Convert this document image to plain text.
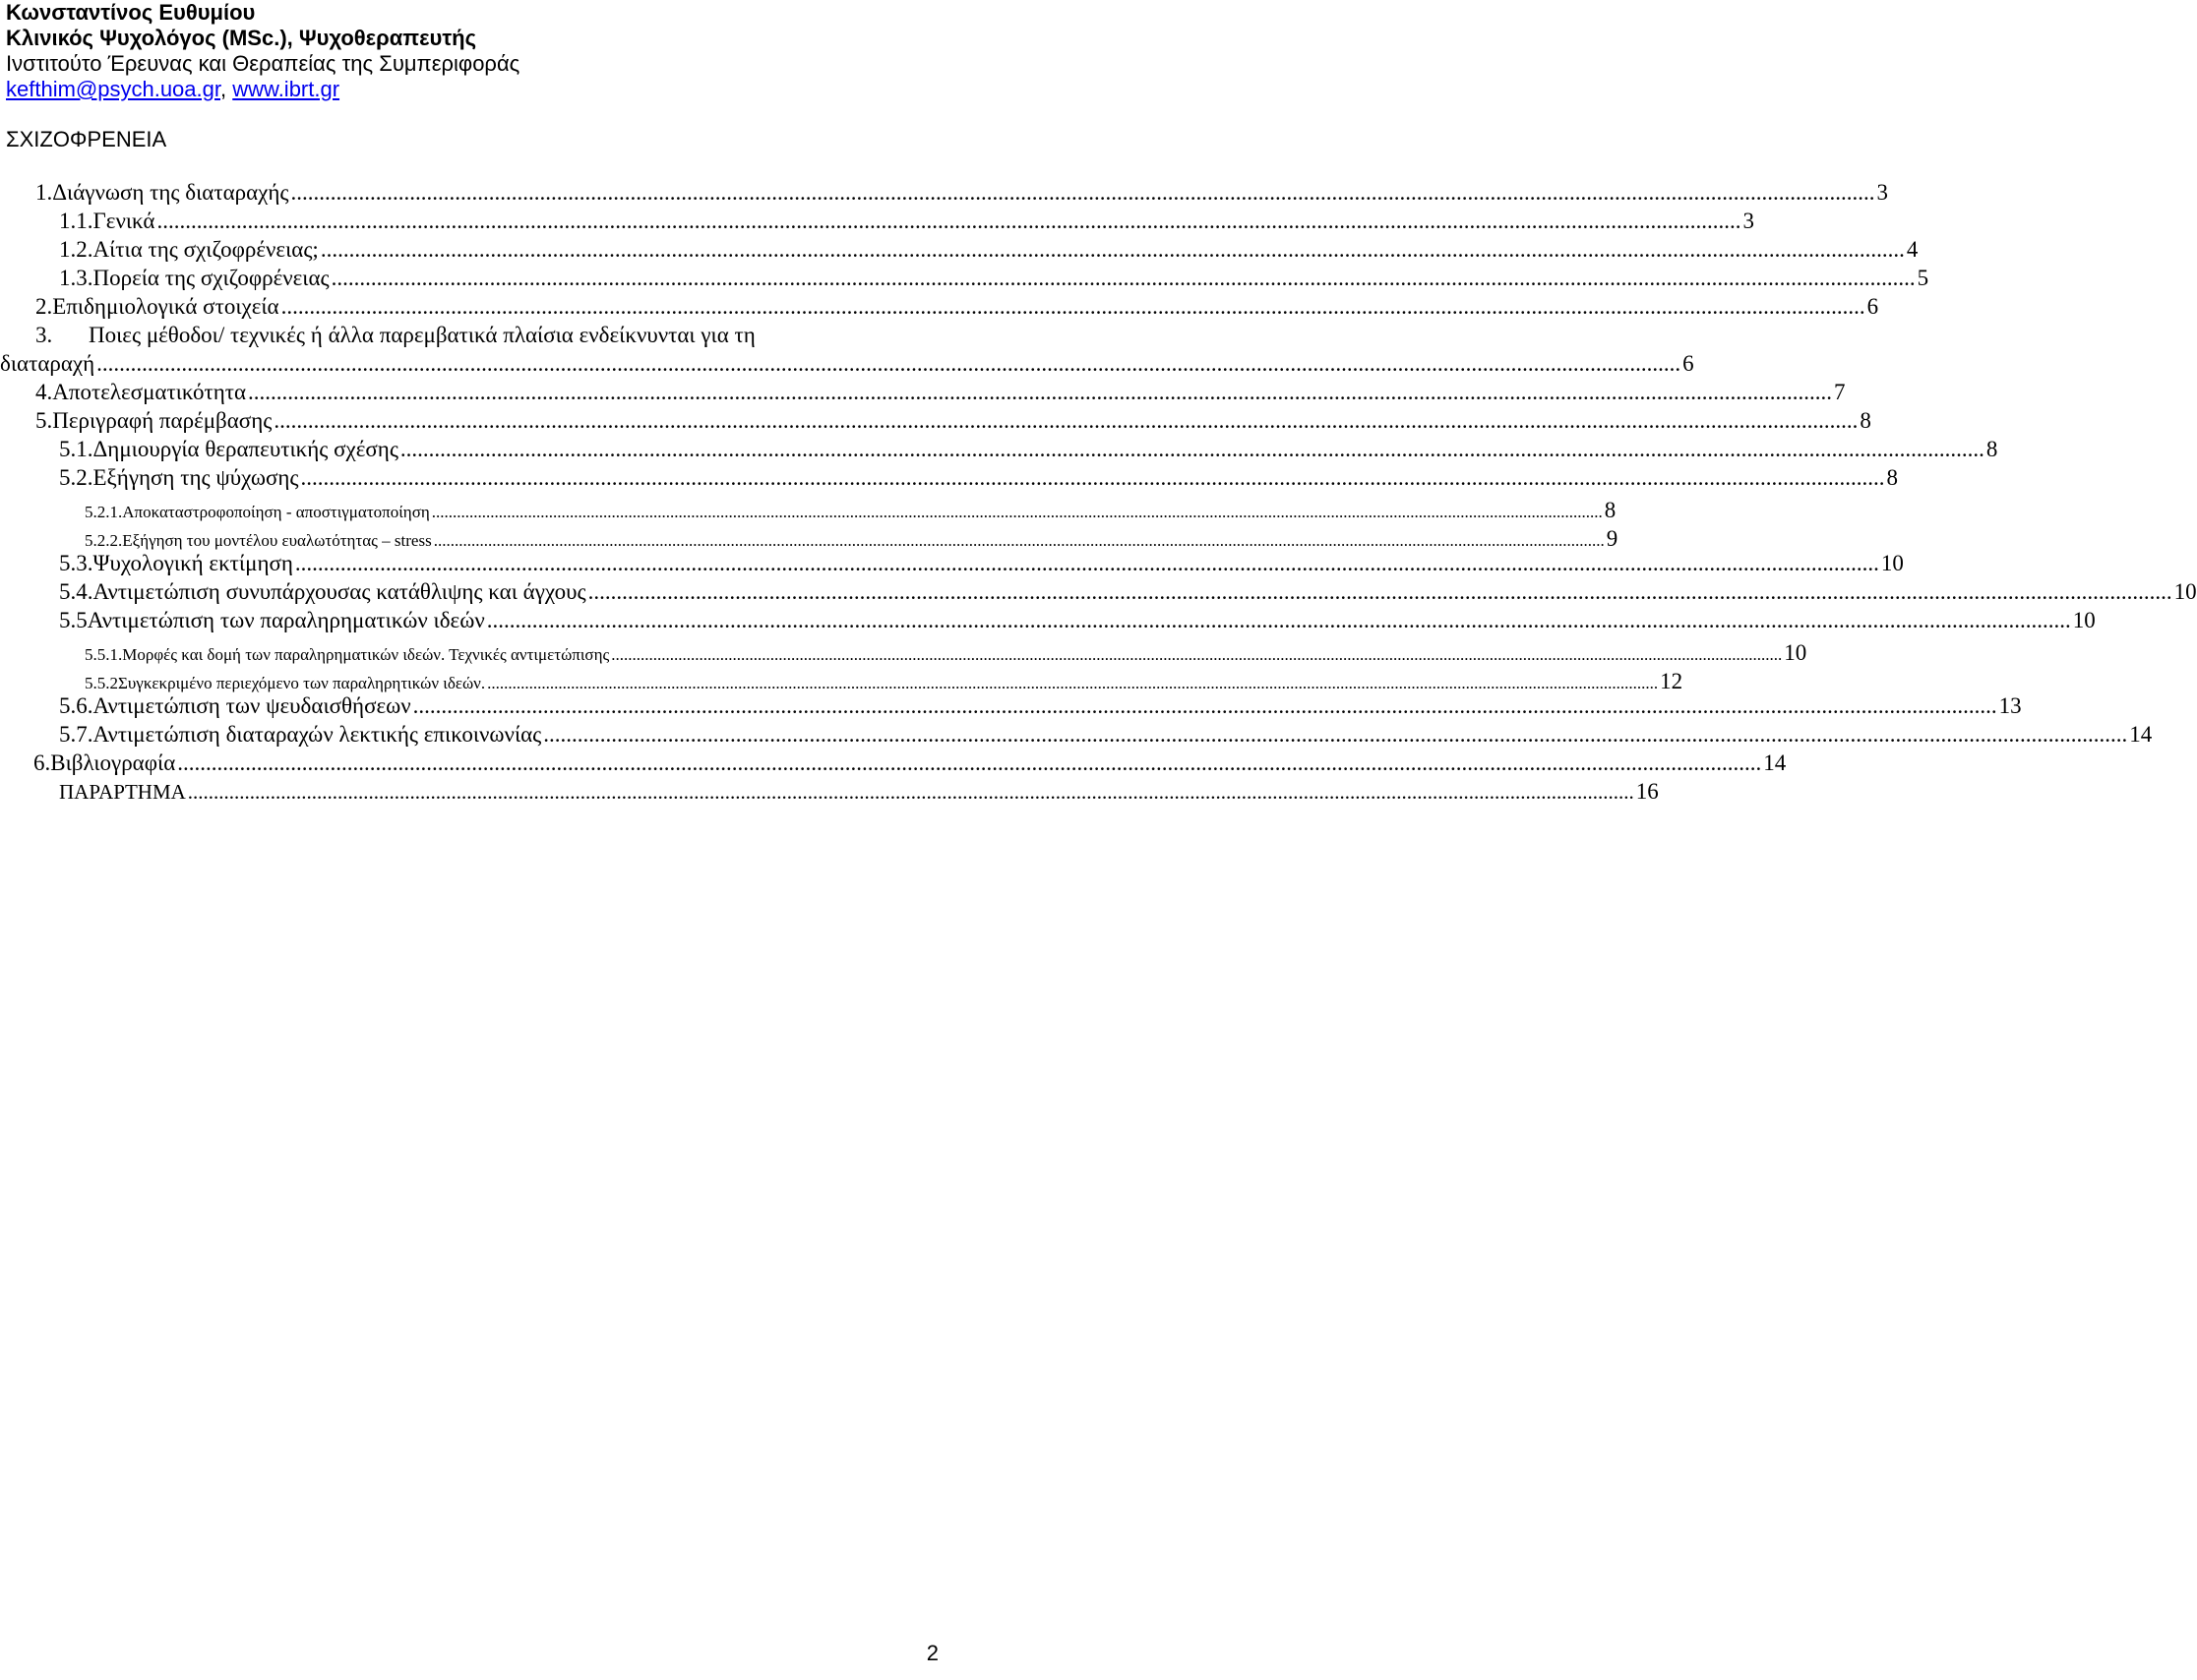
Κωνσταντίνος Ευθυμίου
Κλινικός Ψυχολόγος (MSc.), Ψυχοθεραπευτής
Ινστιτούτο Έρευνας και Θεραπείας της Συμπεριφοράς
kefthim@psych.uoa.gr, www.ibrt.gr
ΣΧΙΖΟΦΡΕΝΕΙΑ
1. Διάγνωση της διαταραχής .....	3
1.1. Γενικά .....	3
1.2. Αίτια της σχιζοφρένειας; .....	4
1.3. Πορεία της σχιζοφρένειας .....	5
2. Επιδημιολογικά στοιχεία .....	6
3.	Ποιες μέθοδοι/ τεχνικές ή άλλα παρεμβατικά πλαίσια ενδείκνυνται για τη
διαταραχή .....	6
4. Αποτελεσματικότητα .....	7
5. Περιγραφή παρέμβασης .....	8
5.1. Δημιουργία θεραπευτικής σχέσης .....	8
5.2. Εξήγηση της ψύχωσης .....	8
5.2.1. Αποκαταστροφοποίηση - αποστιγματοποίηση .....	8
5.2.2. Εξήγηση του μοντέλου ευαλωτότητας – stress .....	9
5.3. Ψυχολογική εκτίμηση .....	10
5.4. Αντιμετώπιση συνυπάρχουσας κατάθλιψης και άγχους .....	10
5.5 Αντιμετώπιση των παραληρηματικών ιδεών .....	10
5.5.1. Μορφές και δομή των παραληρηματικών ιδεών. Τεχνικές αντιμετώπισης .....	10
5.5.2 Συγκεκριμένο περιεχόμενο των παραληρητικών ιδεών. .....	12
5.6. Αντιμετώπιση των ψευδαισθήσεων .....	13
5.7. Αντιμετώπιση διαταραχών λεκτικής επικοινωνίας .....	14
6. Βιβλιογραφία .....	14
ΠΑΡΑΡΤΗΜΑ .....	16
2
